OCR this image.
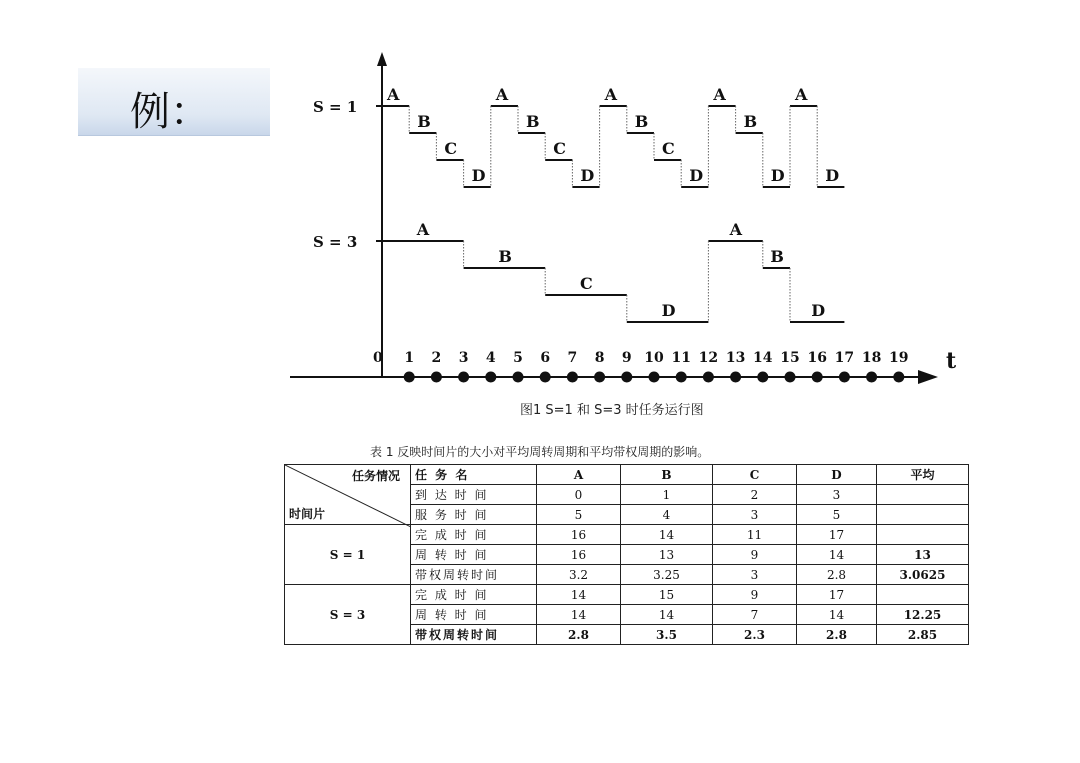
例：
t
0 1 2 3 4 5 6 7 8 9 10 11 12 13 14 15 16 17 18 19
S = 1
A
B
C
D
A
B
C
D
A
B
C
D
A
B
D
A
D
S = 3
A
B
C
D
A
B
D
图1 S=1 和 S=3 时任务运行图
表 1 反映时间片的大小对平均周转周期和平均带权周期的影响。
任务情况
时间片	任 务 名	A	B	C	D	平均
	到 达 时 间	0	1	2	3	
	服 务 时 间	5	4	3	5	
S = 1	完 成 时 间	16	14	11	17	
	周 转 时 间	16	13	9	14	13
	带权周转时间	3.2	3.25	3	2.8	3.0625
S = 3	完 成 时 间	14	15	9	17	
	周 转 时 间	14	14	7	14	12.25
	带权周转时间	2.8	3.5	2.3	2.8	2.85
